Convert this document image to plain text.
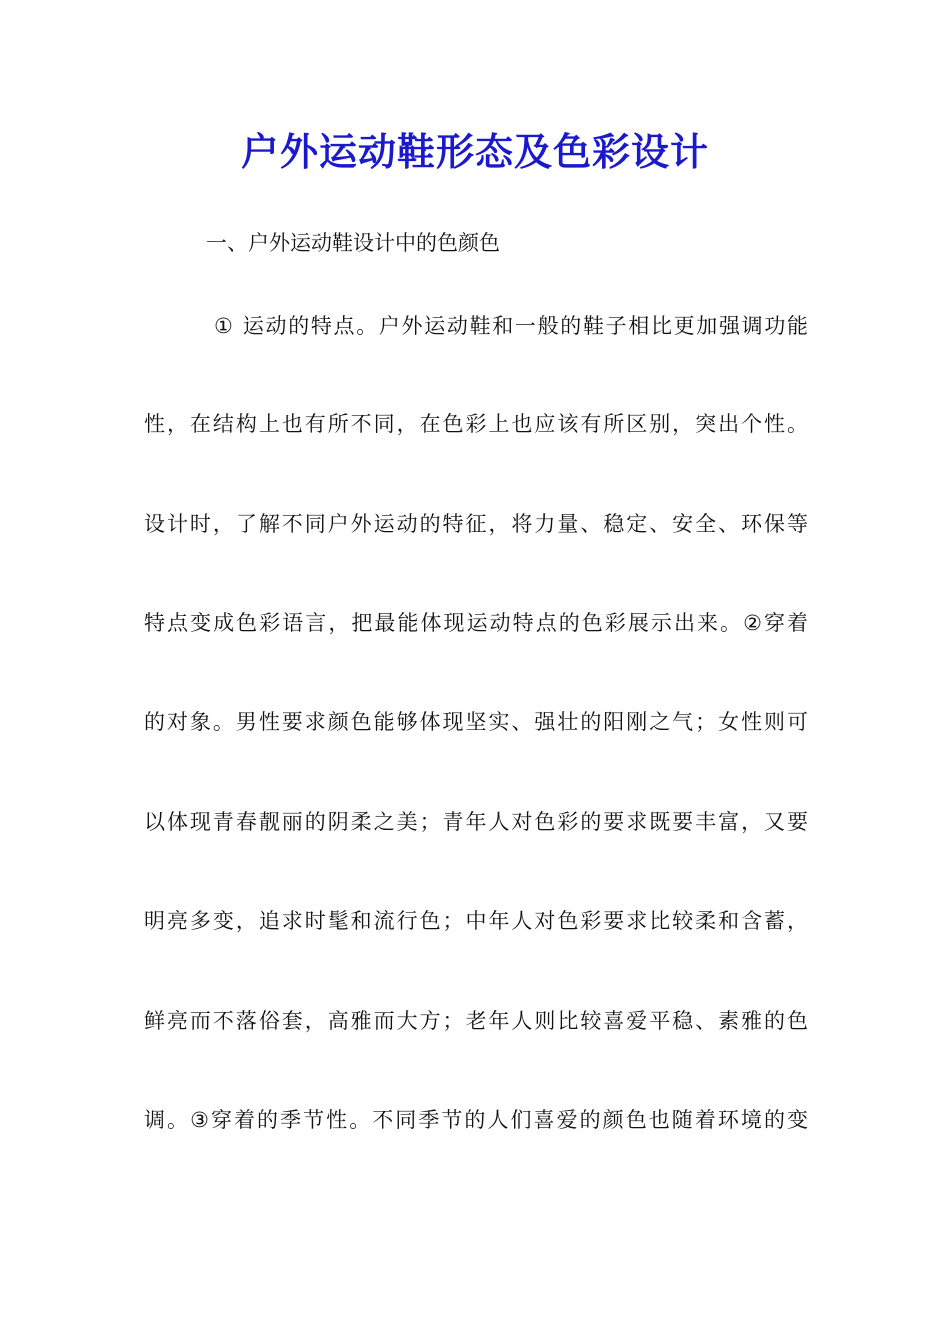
户外运动鞋形态及色彩设计
一、户外运动鞋设计中的色颜色
① 运动的特点。户外运动鞋和一般的鞋子相比更加强调功能
性，在结构上也有所不同，在色彩上也应该有所区别，突出个性。
设计时，了解不同户外运动的特征，将力量、稳定、安全、环保等
特点变成色彩语言，把最能体现运动特点的色彩展示出来。②穿着
的对象。男性要求颜色能够体现坚实、强壮的阳刚之气；女性则可
以体现青春靓丽的阴柔之美；青年人对色彩的要求既要丰富，又要
明亮多变，追求时髦和流行色；中年人对色彩要求比较柔和含蓄，
鲜亮而不落俗套，高雅而大方；老年人则比较喜爱平稳、素雅的色
调。③穿着的季节性。不同季节的人们喜爱的颜色也随着环境的变
